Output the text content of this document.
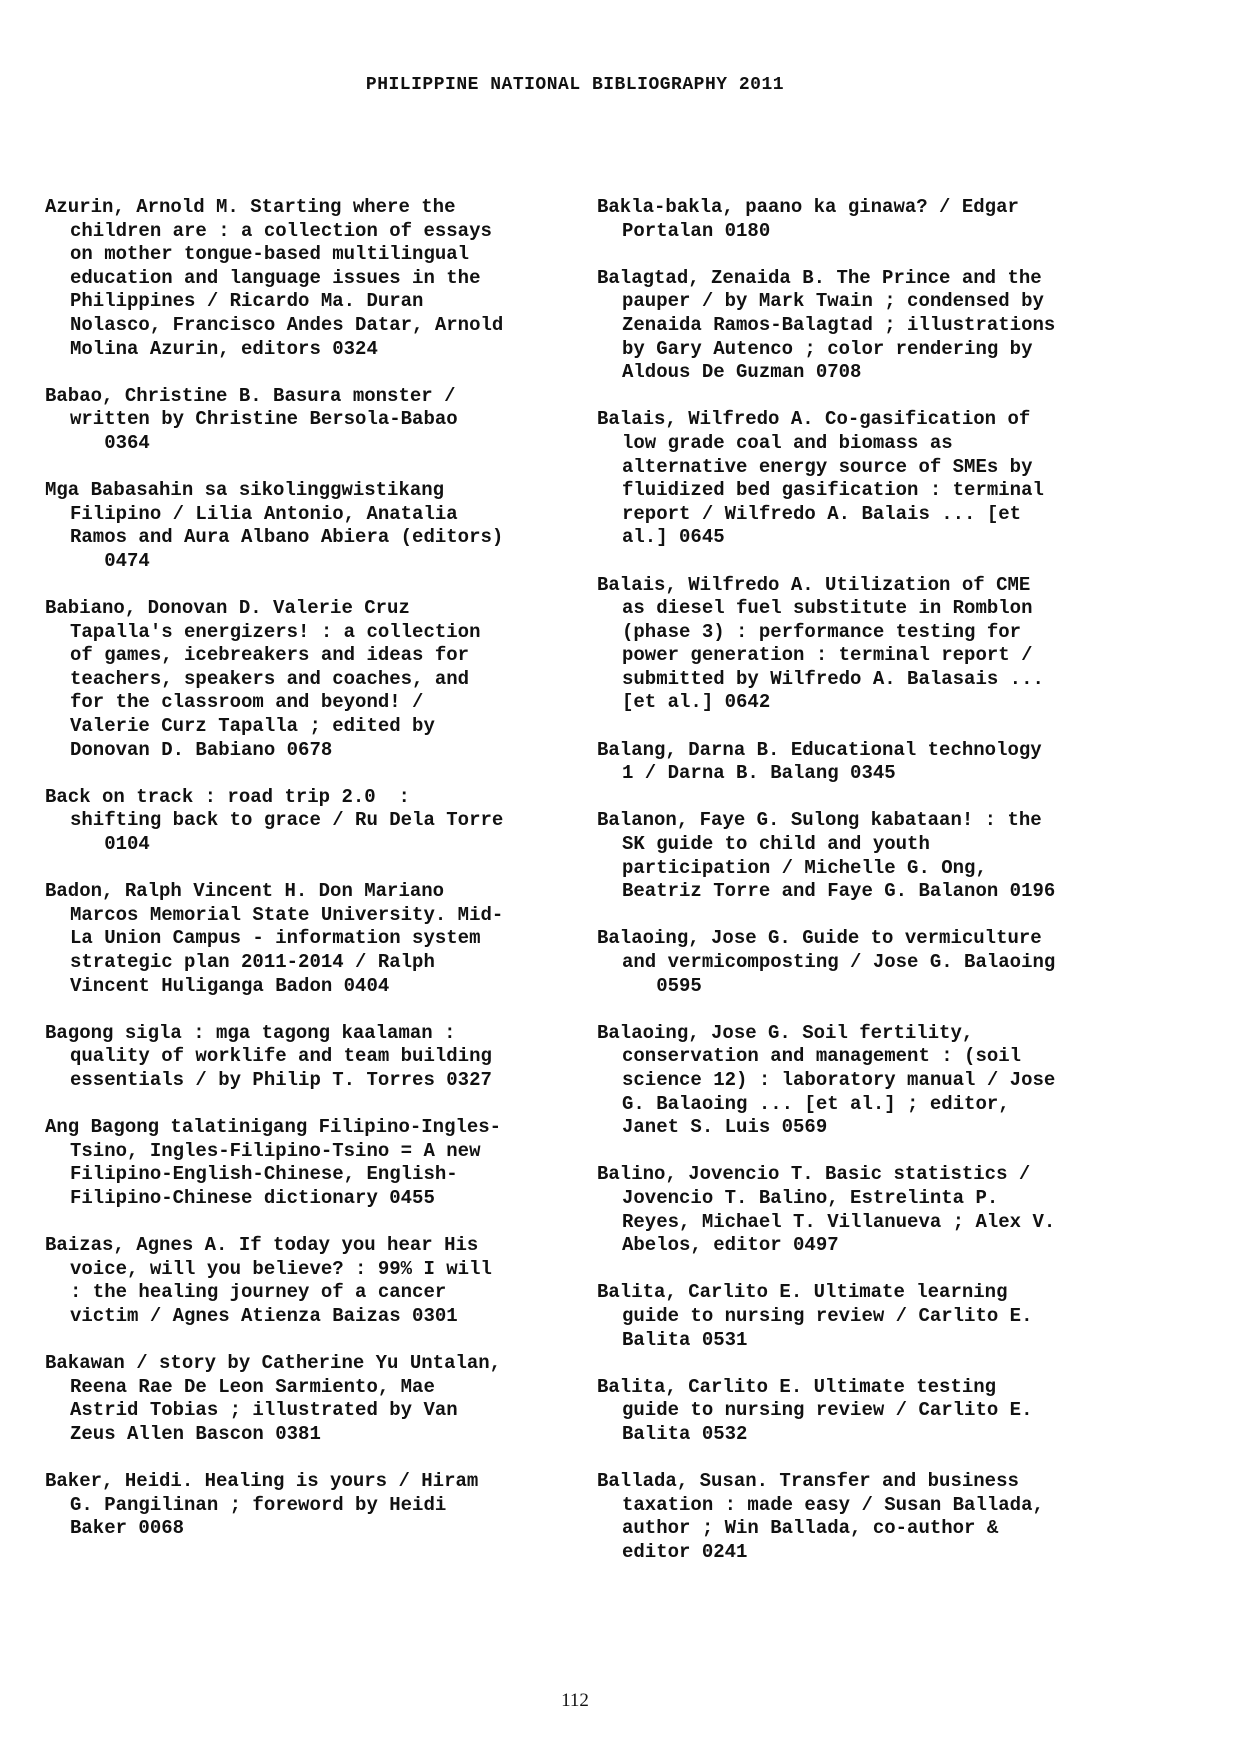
PHILIPPINE NATIONAL BIBLIOGRAPHY 2011

Azurin, Arnold M. Starting where the
children are : a collection of essays
on mother tongue-based multilingual
education and language issues in the
Philippines / Ricardo Ma. Duran
Nolasco, Francisco Andes Datar, Arnold
Molina Azurin, editors 0324

Babao, Christine B. Basura monster /
written by Christine Bersola-Babao
0364

Mga Babasahin sa sikolinggwistikang
Filipino / Lilia Antonio, Anatalia
Ramos and Aura Albano Abiera (editors)
0474

Babiano, Donovan D. Valerie Cruz
Tapalla's energizers! : a collection
of games, icebreakers and ideas for
teachers, speakers and coaches, and
for the classroom and beyond! /
Valerie Curz Tapalla ; edited by
Donovan D. Babiano 0678

Back on track : road trip 2.0  :
shifting back to grace / Ru Dela Torre
0104

Badon, Ralph Vincent H. Don Mariano
Marcos Memorial State University. Mid-
La Union Campus - information system
strategic plan 2011-2014 / Ralph
Vincent Huliganga Badon 0404

Bagong sigla : mga tagong kaalaman :
quality of worklife and team building
essentials / by Philip T. Torres 0327

Ang Bagong talatinigang Filipino-Ingles-
Tsino, Ingles-Filipino-Tsino = A new
Filipino-English-Chinese, English-
Filipino-Chinese dictionary 0455

Baizas, Agnes A. If today you hear His
voice, will you believe? : 99% I will
: the healing journey of a cancer
victim / Agnes Atienza Baizas 0301

Bakawan / story by Catherine Yu Untalan,
Reena Rae De Leon Sarmiento, Mae
Astrid Tobias ; illustrated by Van
Zeus Allen Bascon 0381

Baker, Heidi. Healing is yours / Hiram
G. Pangilinan ; foreword by Heidi
Baker 0068

Bakla-bakla, paano ka ginawa? / Edgar
Portalan 0180

Balagtad, Zenaida B. The Prince and the
pauper / by Mark Twain ; condensed by
Zenaida Ramos-Balagtad ; illustrations
by Gary Autenco ; color rendering by
Aldous De Guzman 0708

Balais, Wilfredo A. Co-gasification of
low grade coal and biomass as
alternative energy source of SMEs by
fluidized bed gasification : terminal
report / Wilfredo A. Balais ... [et
al.] 0645

Balais, Wilfredo A. Utilization of CME
as diesel fuel substitute in Romblon
(phase 3) : performance testing for
power generation : terminal report /
submitted by Wilfredo A. Balasais ...
[et al.] 0642

Balang, Darna B. Educational technology
1 / Darna B. Balang 0345

Balanon, Faye G. Sulong kabataan! : the
SK guide to child and youth
participation / Michelle G. Ong,
Beatriz Torre and Faye G. Balanon 0196

Balaoing, Jose G. Guide to vermiculture
and vermicomposting / Jose G. Balaoing
0595

Balaoing, Jose G. Soil fertility,
conservation and management : (soil
science 12) : laboratory manual / Jose
G. Balaoing ... [et al.] ; editor,
Janet S. Luis 0569

Balino, Jovencio T. Basic statistics /
Jovencio T. Balino, Estrelinta P.
Reyes, Michael T. Villanueva ; Alex V.
Abelos, editor 0497

Balita, Carlito E. Ultimate learning
guide to nursing review / Carlito E.
Balita 0531

Balita, Carlito E. Ultimate testing
guide to nursing review / Carlito E.
Balita 0532

Ballada, Susan. Transfer and business
taxation : made easy / Susan Ballada,
author ; Win Ballada, co-author &
editor 0241

112
